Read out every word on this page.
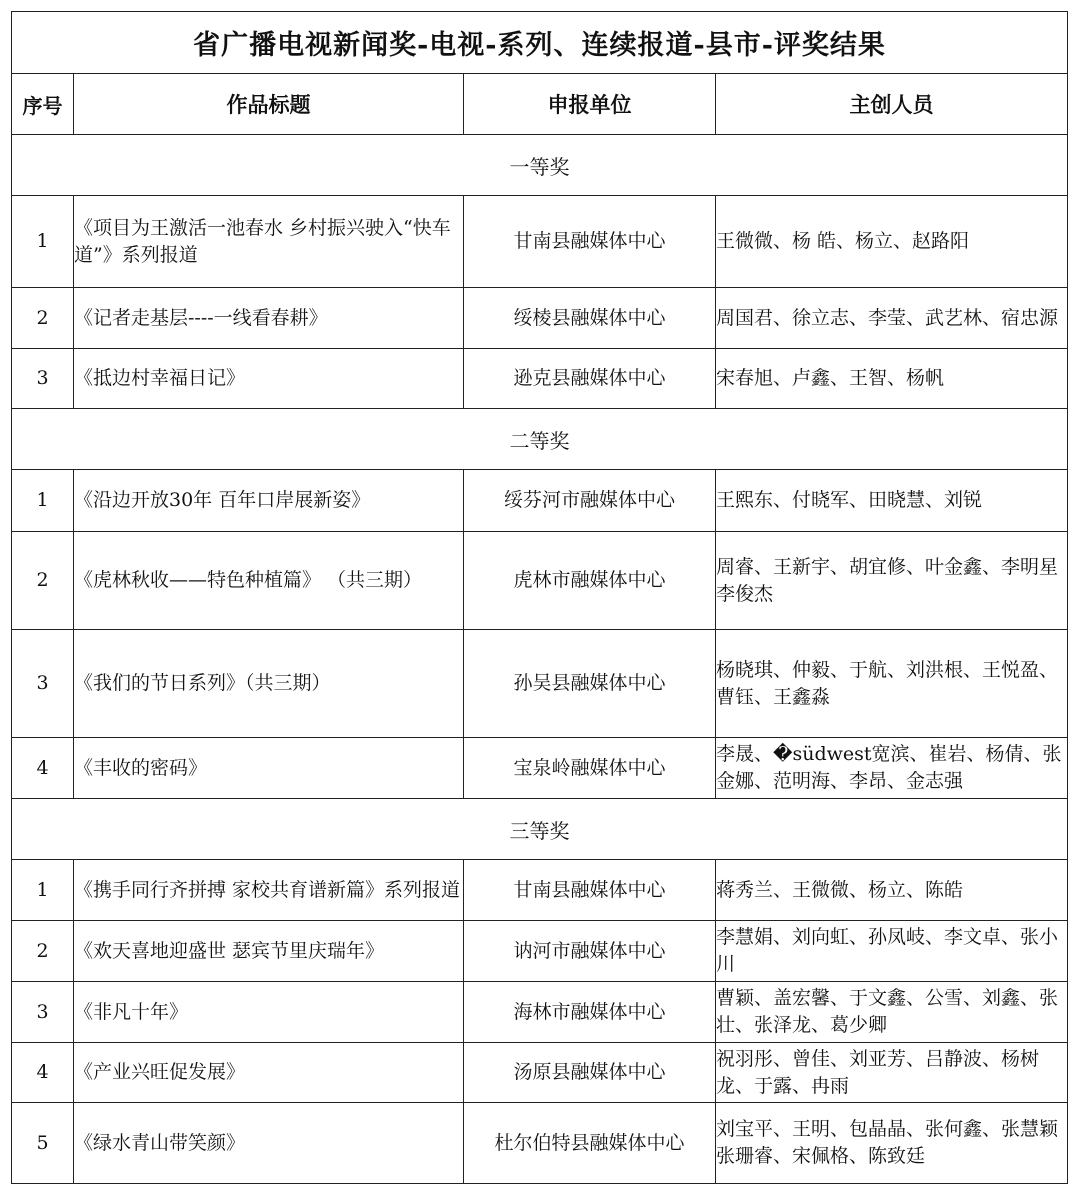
省广播电视新闻奖-电视-系列、连续报道-县市-评奖结果			
序号	作品标题	申报单位	主创人员
一等奖			
1	《项目为王激活一池春水 乡村振兴驶入“快车道”》系列报道	甘南县融媒体中心	王微微、杨 皓、杨立、赵路阳
2	《记者走基层----一线看春耕》	绥棱县融媒体中心	周国君、徐立志、李莹、武艺林、宿忠源
3	《抵边村幸福日记》	逊克县融媒体中心	宋春旭、卢鑫、王智、杨帆
二等奖			
1	《沿边开放30年 百年口岸展新姿》	绥芬河市融媒体中心	王熙东、付晓军、田晓慧、刘锐
2	《虎林秋收——特色种植篇》 （共三期）	虎林市融媒体中心	周睿、王新宇、胡宜修、叶金鑫、李明星 李俊杰
3	《我们的节日系列》（共三期）	孙吴县融媒体中心	杨晓琪、仲毅、于航、刘洪根、王悦盈、曹钰、王鑫淼
4	《丰收的密码》	宝泉岭融媒体中心	李晟、�südwest宽滨、崔岩、杨倩、张金娜、范明海、李昂、金志强
三等奖			
1	《携手同行齐拼搏 家校共育谱新篇》系列报道	甘南县融媒体中心	蒋秀兰、王微微、杨立、陈皓
2	《欢天喜地迎盛世 瑟宾节里庆瑞年》	讷河市融媒体中心	李慧娟、刘向虹、孙凤岐、李文卓、张小川
3	《非凡十年》	海林市融媒体中心	曹颖、盖宏馨、于文鑫、公雪、刘鑫、张壮、张泽龙、葛少卿
4	《产业兴旺促发展》	汤原县融媒体中心	祝羽彤、曾佳、刘亚芳、吕静波、杨树龙、于露、冉雨
5	《绿水青山带笑颜》	杜尔伯特县融媒体中心	刘宝平、王明、包晶晶、张何鑫、张慧颖 张珊睿、宋佩格、陈致廷
